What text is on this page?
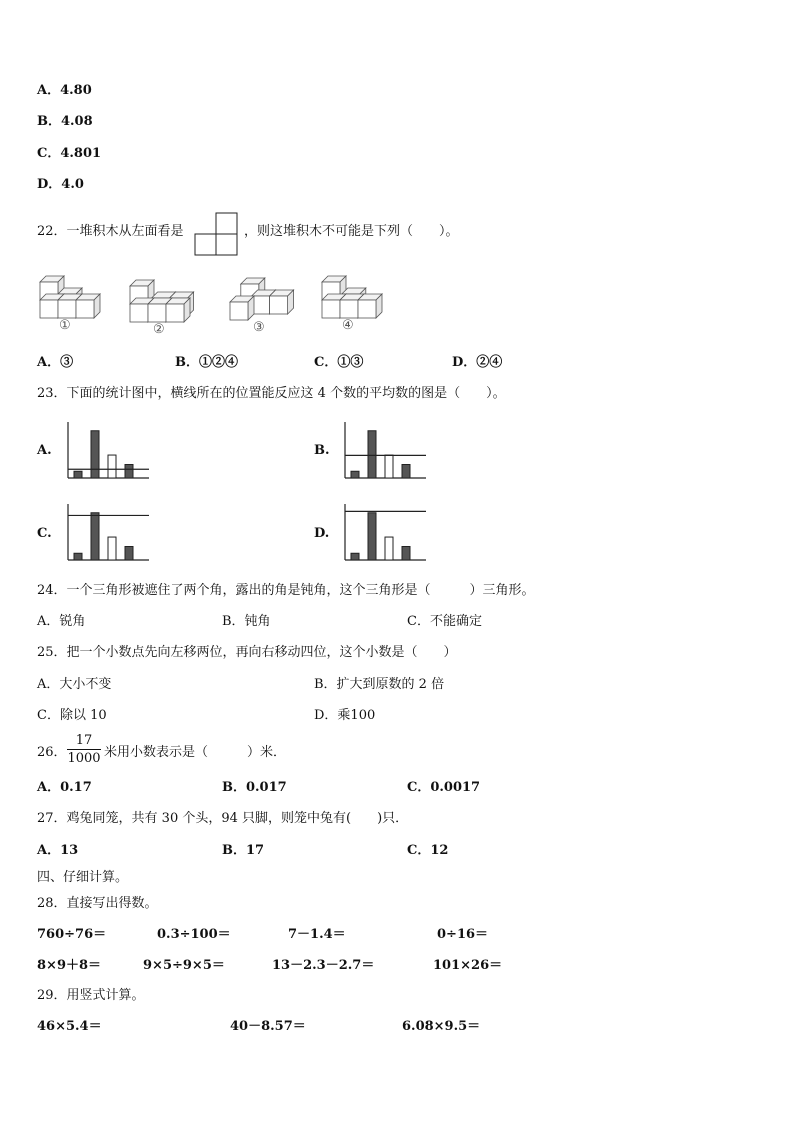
A．4.80
B．4.08
C．4.801
D．4.0
22．一堆积木从左面看是	，则这堆积木不可能是下列（　　）。
①	②	③	④
A．③	B．①②④	C．①③	D．②④
23．下面的统计图中，横线所在的位置能反应这 4 个数的平均数的图是（　　）。
A.	B.
C.	D.
24．一个三角形被遮住了两个角，露出的角是钝角，这个三角形是（　　　）三角形。
A．锐角	B．钝角	C．不能确定
25．把一个小数点先向左移两位，再向右移动四位，这个小数是（　　）
A．大小不变	B．扩大到原数的 2 倍
C．除以 10	D．乘100
26．
17
1000 米用小数表示是（　　　）米．
A．0.17	B．0.017	C．0.0017
27．鸡兔同笼，共有 30 个头，94 只脚，则笼中兔有(　　)只．
A．13	B．17	C．12
四、仔细计算。
28．直接写出得数。
760÷76＝	0.3÷100＝	7－1.4＝	0÷16＝
8×9＋8＝	9×5÷9×5＝	13－2.3－2.7＝	101×26＝
29．用竖式计算。
46×5.4＝	40－8.57＝	6.08×9.5＝
